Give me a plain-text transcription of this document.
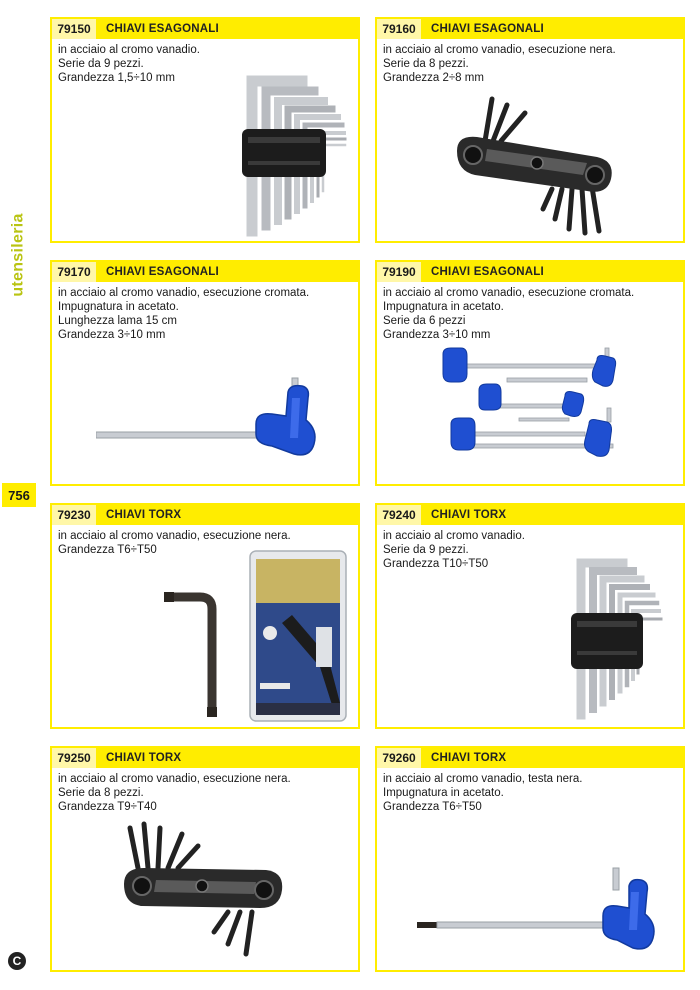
utensileria
756
C
79150	CHIAVI ESAGONALI
in acciaio al cromo vanadio.
Serie da 9 pezzi.
Grandezza 1,5÷10 mm
79160	CHIAVI ESAGONALI
in acciaio al cromo vanadio, esecuzione nera.
Serie da 8 pezzi.
Grandezza 2÷8 mm
79170	CHIAVI ESAGONALI
in acciaio al cromo vanadio, esecuzione cromata.
Impugnatura in acetato.
Lunghezza lama 15 cm
Grandezza 3÷10 mm
79190	CHIAVI ESAGONALI
in acciaio al cromo vanadio, esecuzione cromata.
Impugnatura in acetato.
Serie da 6 pezzi
Grandezza 3÷10 mm
79230	CHIAVI TORX
in acciaio al cromo vanadio, esecuzione nera.
Grandezza T6÷T50
79240	CHIAVI TORX
in acciaio al cromo vanadio.
Serie da 9 pezzi.
Grandezza T10÷T50
79250	CHIAVI TORX
in acciaio al cromo vanadio, esecuzione nera.
Serie da 8 pezzi.
Grandezza T9÷T40
79260	CHIAVI TORX
in acciaio al cromo vanadio, testa nera.
Impugnatura in acetato.
Grandezza T6÷T50
